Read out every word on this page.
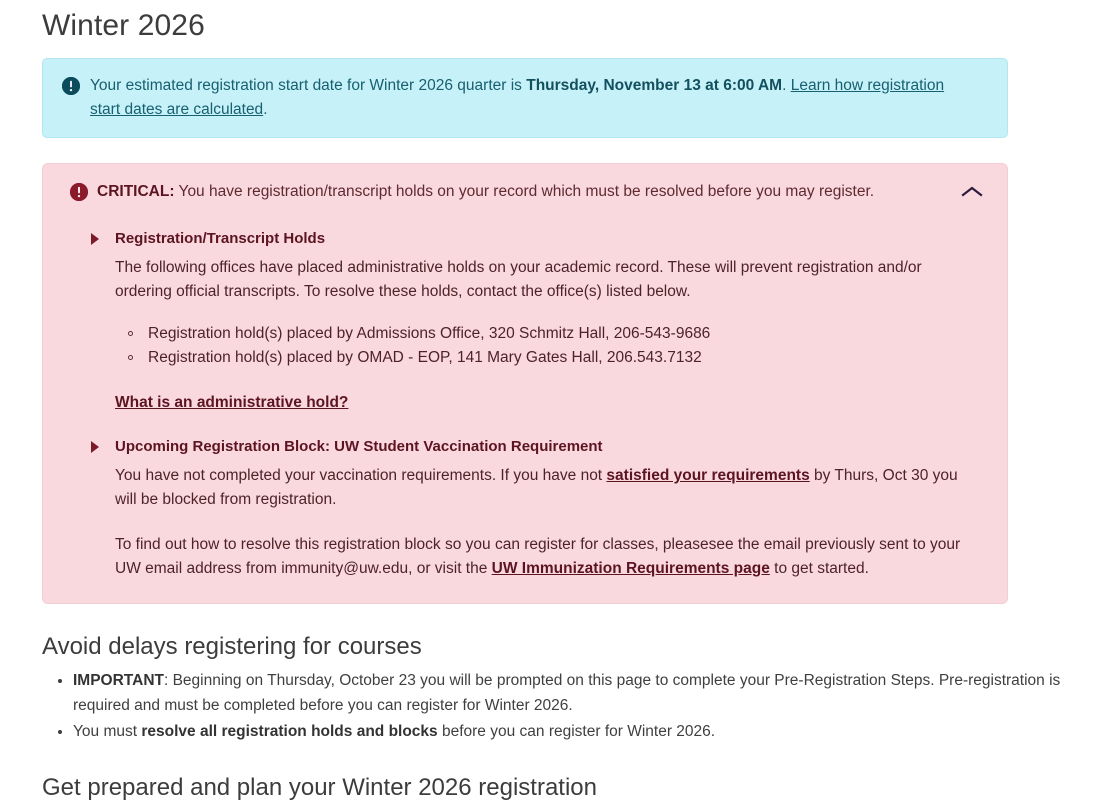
Winter 2026
Your estimated registration start date for Winter 2026 quarter is Thursday, November 13 at 6:00 AM. Learn how registration start dates are calculated.
CRITICAL: You have registration/transcript holds on your record which must be resolved before you may register.
Registration/Transcript Holds

The following offices have placed administrative holds on your academic record. These will prevent registration and/or ordering official transcripts. To resolve these holds, contact the office(s) listed below.

Registration hold(s) placed by Admissions Office, 320 Schmitz Hall, 206-543-9686
Registration hold(s) placed by OMAD - EOP, 141 Mary Gates Hall, 206.543.7132
What is an administrative hold?
Upcoming Registration Block: UW Student Vaccination Requirement

You have not completed your vaccination requirements. If you have not satisfied your requirements by Thurs, Oct 30 you will be blocked from registration.

To find out how to resolve this registration block so you can register for classes, pleasesee the email previously sent to your UW email address from immunity@uw.edu, or visit the UW Immunization Requirements page to get started.

Avoid delays registering for courses
• IMPORTANT: Beginning on Thursday, October 23 you will be prompted on this page to complete your Pre-Registration Steps. Pre-registration is required and must be completed before you can register for Winter 2026.
• You must resolve all registration holds and blocks before you can register for Winter 2026.
Get prepared and plan your Winter 2026 registration
